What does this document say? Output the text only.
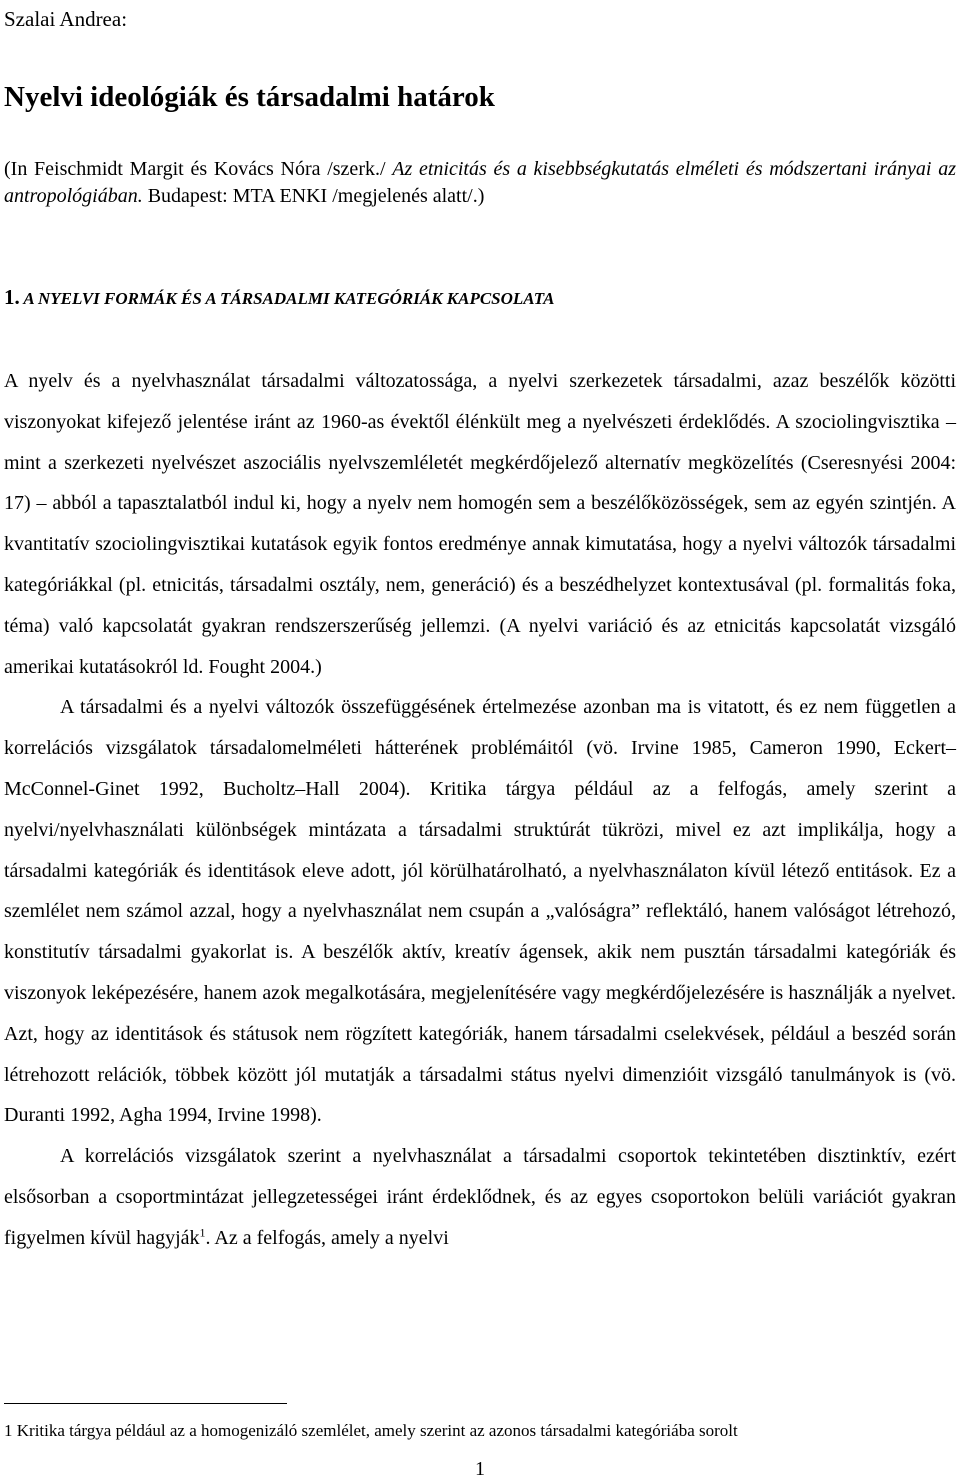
Szalai Andrea:

Nyelvi ideológiák és társadalmi határok

(In Feischmidt Margit és Kovács Nóra /szerk./ Az etnicitás és a kisebbségkutatás elméleti és módszertani irányai az antropológiában. Budapest: MTA ENKI /megjelenés alatt/.)

1. A NYELVI FORMÁK ÉS A TÁRSADALMI KATEGÓRIÁK KAPCSOLATA

A nyelv és a nyelvhasználat társadalmi változatossága, a nyelvi szerkezetek társadalmi, azaz beszélők közötti viszonyokat kifejező jelentése iránt az 1960-as évektől élénkült meg a nyelvészeti érdeklődés. A szociolingvisztika – mint a szerkezeti nyelvészet aszociális nyelvszemléletét megkérdőjelező alternatív megközelítés (Cseresnyési 2004: 17) – abból a tapasztalatból indul ki, hogy a nyelv nem homogén sem a beszélőközösségek, sem az egyén szintjén. A kvantitatív szociolingvisztikai kutatások egyik fontos eredménye annak kimutatása, hogy a nyelvi változók társadalmi kategóriákkal (pl. etnicitás, társadalmi osztály, nem, generáció) és a beszédhelyzet kontextusával (pl. formalitás foka, téma) való kapcsolatát gyakran rendszerszerűség jellemzi. (A nyelvi variáció és az etnicitás kapcsolatát vizsgáló amerikai kutatásokról ld. Fought 2004.)

A társadalmi és a nyelvi változók összefüggésének értelmezése azonban ma is vitatott, és ez nem független a korrelációs vizsgálatok társadalomelméleti hátterének problémáitól (vö. Irvine 1985, Cameron 1990, Eckert–McConnel-Ginet 1992, Bucholtz–Hall 2004). Kritika tárgya például az a felfogás, amely szerint a nyelvi/nyelvhasználati különbségek mintázata a társadalmi struktúrát tükrözi, mivel ez azt implikálja, hogy a társadalmi kategóriák és identitások eleve adott, jól körülhatárolható, a nyelvhasználaton kívül létező entitások. Ez a szemlélet nem számol azzal, hogy a nyelvhasználat nem csupán a „valóságra” reflektáló, hanem valóságot létrehozó, konstitutív társadalmi gyakorlat is. A beszélők aktív, kreatív ágensek, akik nem pusztán társadalmi kategóriák és viszonyok leképezésére, hanem azok megalkotására, megjelenítésére vagy megkérdőjelezésére is használják a nyelvet. Azt, hogy az identitások és státusok nem rögzített kategóriák, hanem társadalmi cselekvések, például a beszéd során létrehozott relációk, többek között jól mutatják a társadalmi státus nyelvi dimenzióit vizsgáló tanulmányok is (vö. Duranti 1992, Agha 1994, Irvine 1998).

A korrelációs vizsgálatok szerint a nyelvhasználat a társadalmi csoportok tekintetében disztinktív, ezért elsősorban a csoportmintázat jellegzetességei iránt érdeklődnek, és az egyes csoportokon belüli variációt gyakran figyelmen kívül hagyják$^1$. Az a felfogás, amely a nyelvi

1 Kritika tárgya például az a homogenizáló szemlélet, amely szerint az azonos társadalmi kategóriába sorolt

1
